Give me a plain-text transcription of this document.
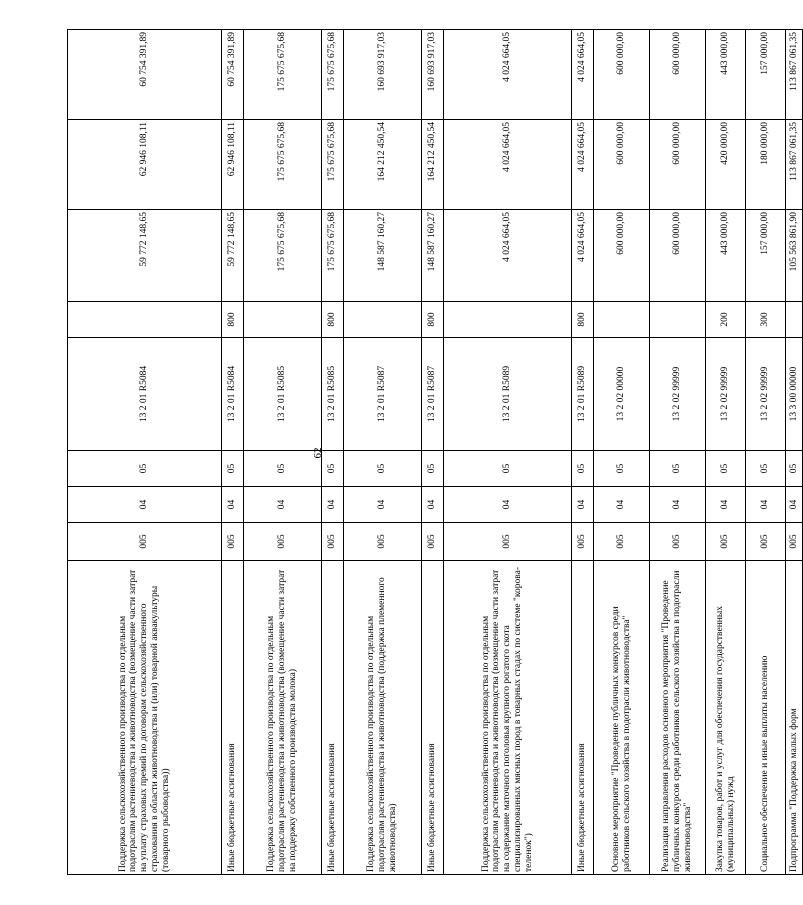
62
Поддержка сельскохозяйственного производства по отдельным подотраслям растениеводства и животноводства (возмещение части затрат на уплату страховых премий по договорам сельскохозяйственного страхования в области животноводства и (или) товарной аквакультуры (товарного рыбоводства))	005	04	05	13 2 01 R5084		59 772 148,65	62 946 108,11	60 754 391,89
Иные бюджетные ассигнования	005	04	05	13 2 01 R5084	800	59 772 148,65	62 946 108,11	60 754 391,89
Поддержка сельскохозяйственного производства по отдельным подотраслям растениеводства и животноводства (возмещение части затрат на поддержку собственного производства молока)	005	04	05	13 2 01 R5085		175 675 675,68	175 675 675,68	175 675 675,68
Иные бюджетные ассигнования	005	04	05	13 2 01 R5085	800	175 675 675,68	175 675 675,68	175 675 675,68
Поддержка сельскохозяйственного производства по отдельным подотраслям растениеводства и животноводства (поддержка племенного животноводства)	005	04	05	13 2 01 R5087		148 587 160,27	164 212 450,54	160 693 917,03
Иные бюджетные ассигнования	005	04	05	13 2 01 R5087	800	148 587 160,27	164 212 450,54	160 693 917,03
Поддержка сельскохозяйственного производства по отдельным подотраслям растениеводства и животноводства (возмещение части затрат на содержание маточного поголовья крупного рогатого скота специализированных мясных пород в товарных стадах по системе "корова-теленок")	005	04	05	13 2 01 R5089		4 024 664,05	4 024 664,05	4 024 664,05
Иные бюджетные ассигнования	005	04	05	13 2 01 R5089	800	4 024 664,05	4 024 664,05	4 024 664,05
Основное мероприятие "Проведение публичных конкурсов среди работников сельского хозяйства в подотрасли животноводства"	005	04	05	13 2 02 00000		600 000,00	600 000,00	600 000,00
Реализация направления расходов основного мероприятия "Проведение публичных конкурсов среди работников сельского хозяйства в подотрасли животноводства"	005	04	05	13 2 02 99999		600 000,00	600 000,00	600 000,00
Закупка товаров, работ и услуг для обеспечения государственных (муниципальных) нужд	005	04	05	13 2 02 99999	200	443 000,00	420 000,00	443 000,00
Социальное обеспечение и иные выплаты населению	005	04	05	13 2 02 99999	300	157 000,00	180 000,00	157 000,00
Подпрограмма "Поддержка малых форм	005	04	05	13 3 00 00000		105 563 861,90	113 867 061,35	113 867 061,35
